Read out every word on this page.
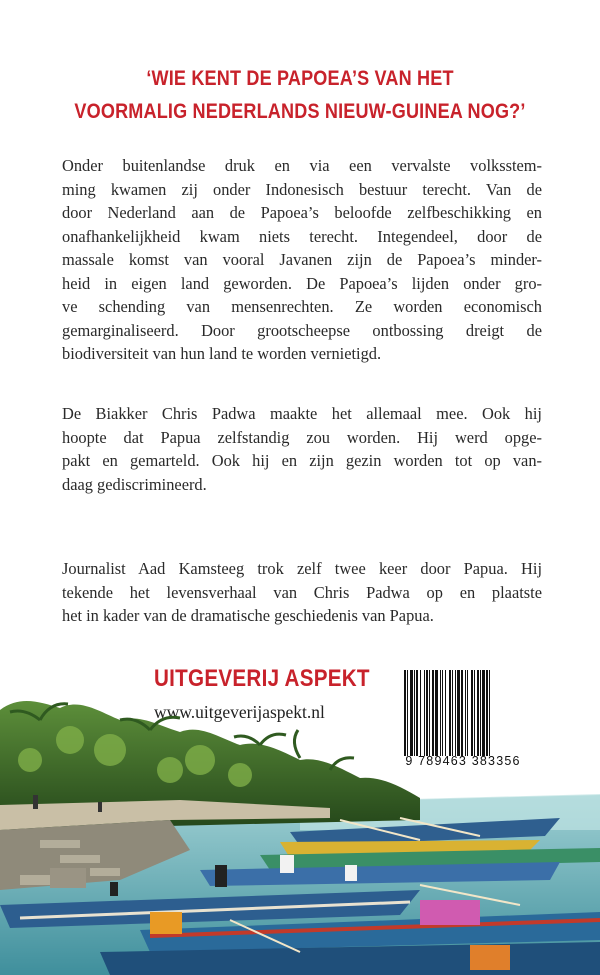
‘WIE KENT DE PAPOEA’S VAN HET
VOORMALIG NEDERLANDS NIEUW-GUINEA NOG?’
Onder buitenlandse druk en via een vervalste volksstem-
ming kwamen zij onder Indonesisch bestuur terecht. Van de
door Nederland aan de Papoea’s beloofde zelfbeschikking en
onafhankelijkheid kwam niets terecht. Integendeel, door de
massale komst van vooral Javanen zijn de Papoea’s minder-
heid in eigen land geworden. De Papoea’s lijden onder gro-
ve schending van mensenrechten. Ze worden economisch
gemarginaliseerd. Door grootscheepse ontbossing dreigt de
biodiversiteit van hun land te worden vernietigd.
De Biakker Chris Padwa maakte het allemaal mee. Ook hij
hoopte dat Papua zelfstandig zou worden. Hij werd opge-
pakt en gemarteld. Ook hij en zijn gezin worden tot op van-
daag gediscrimineerd.
Journalist Aad Kamsteeg trok zelf twee keer door Papua. Hij
tekende het levensverhaal van Chris Padwa op en plaatste
het in kader van de dramatische geschiedenis van Papua.
UITGEVERIJ ASPEKT
www.uitgeverijaspekt.nl
9 789463 383356
